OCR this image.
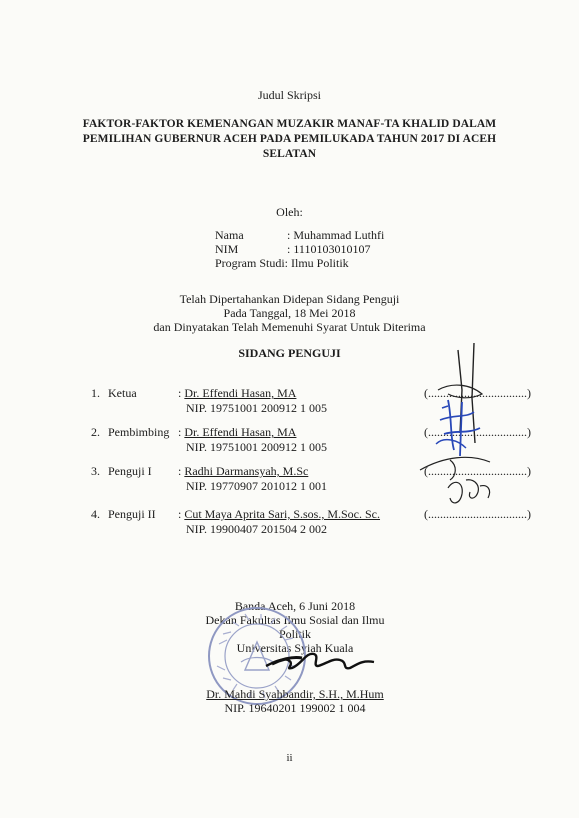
Judul Skripsi
FAKTOR-FAKTOR KEMENANGAN MUZAKIR MANAF-TA KHALID DALAM
PEMILIHAN GUBERNUR ACEH PADA PEMILUKADA TAHUN 2017 DI ACEH
SELATAN
Oleh:
Nama	: Muhammad Luthfi
NIM	: 1110103010107
Program Studi : Ilmu Politik
Telah Dipertahankan Didepan Sidang Penguji
Pada Tanggal, 18 Mei 2018
dan Dinyatakan Telah Memenuhi Syarat Untuk Diterima
SIDANG PENGUJI
1. Ketua	: Dr. Effendi Hasan, MA
NIP. 19751001 200912 1 005
(.................................)
2. Pembimbing : Dr. Effendi Hasan, MA
NIP. 19751001 200912 1 005
(.................................)
3. Penguji I : Radhi Darmansyah, M.Sc
NIP. 19770907 201012 1 001
(.................................)
4. Penguji II : Cut Maya Aprita Sari, S.sos., M.Soc. Sc.
NIP. 19900407 201504 2 002
(.................................)
Banda Aceh, 6 Juni 2018
Dekan Fakultas Ilmu Sosial dan Ilmu Politik
Universitas Syiah Kuala
Dr. Mahdi Syahbandir, S.H., M.Hum
NIP. 19640201 199002 1 004
ii
